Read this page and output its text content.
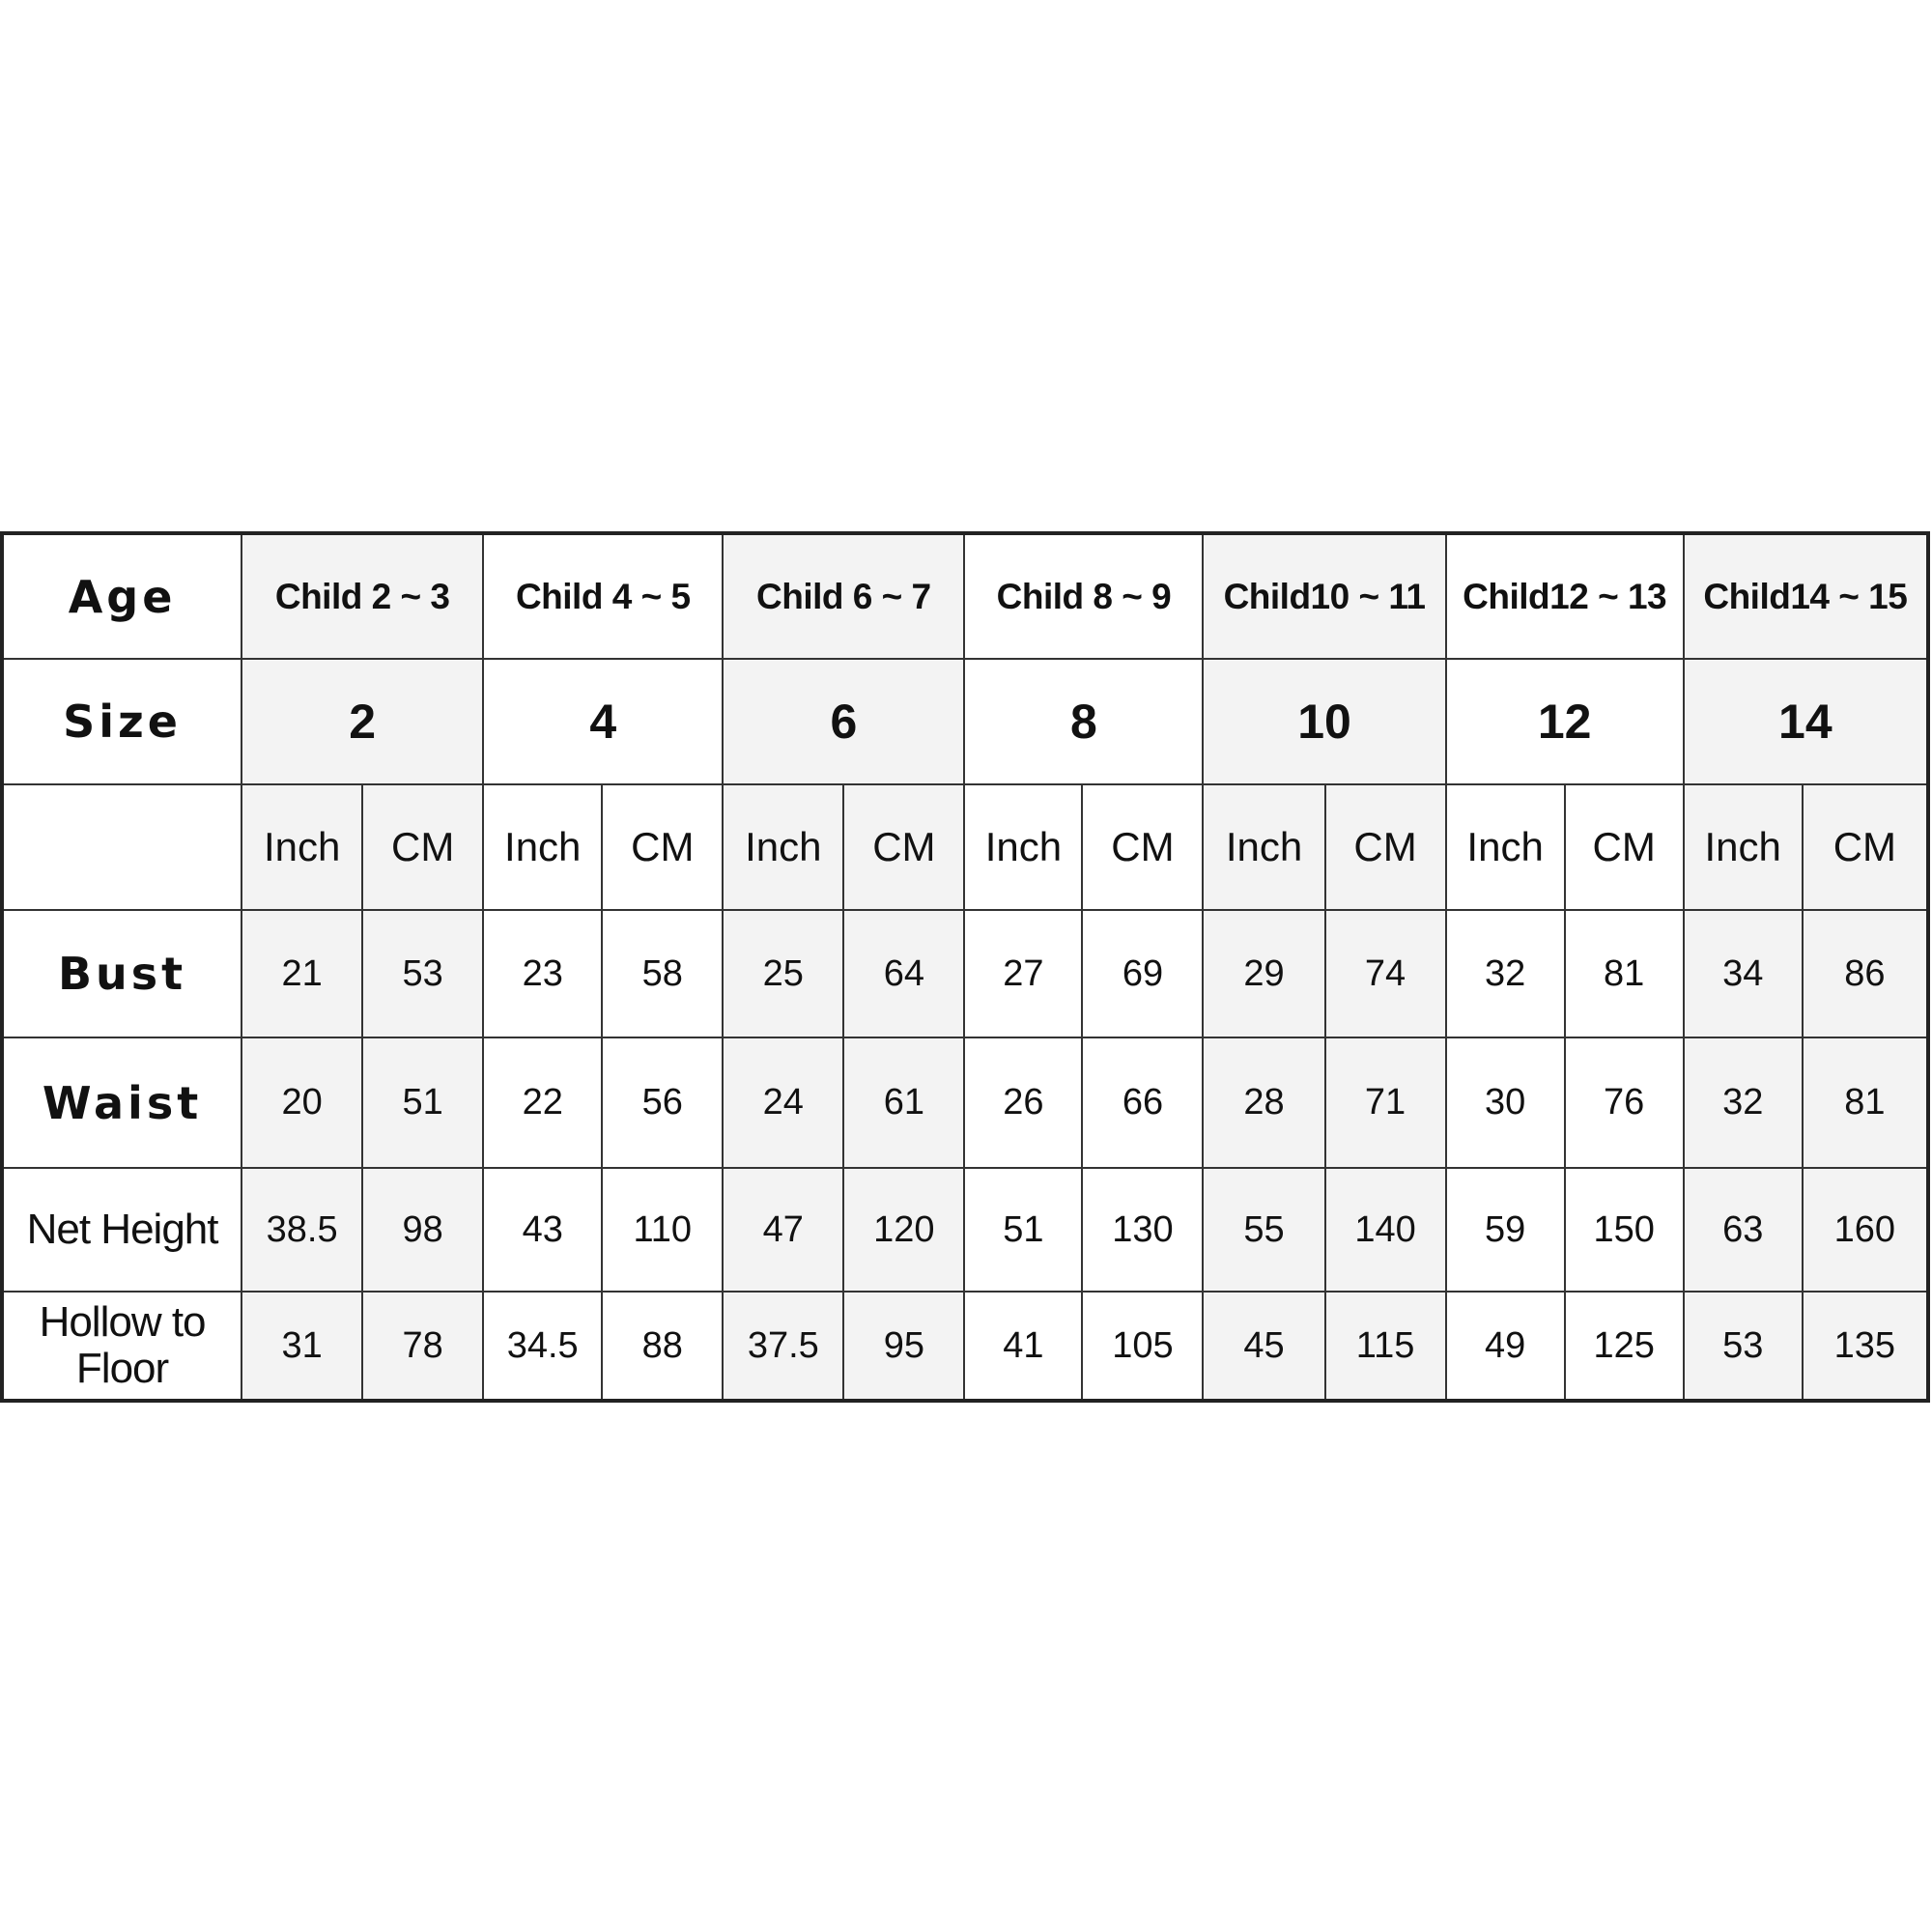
Age	Child 2 ~ 3		Child 4 ~ 5		Child 6 ~ 7		Child 8 ~ 9		Child10 ~ 11		Child12 ~ 13		Child14 ~ 15	
Size	2		4		6		8		10		12		14	
	Inch	CM	Inch	CM	Inch	CM	Inch	CM	Inch	CM	Inch	CM	Inch	CM
Bust	21	53	23	58	25	64	27	69	29	74	32	81	34	86
Waist	20	51	22	56	24	61	26	66	28	71	30	76	32	81
Net Height	38.5	98	43	110	47	120	51	130	55	140	59	150	63	160
Hollow to Floor	31	78	34.5	88	37.5	95	41	105	45	115	49	125	53	135
